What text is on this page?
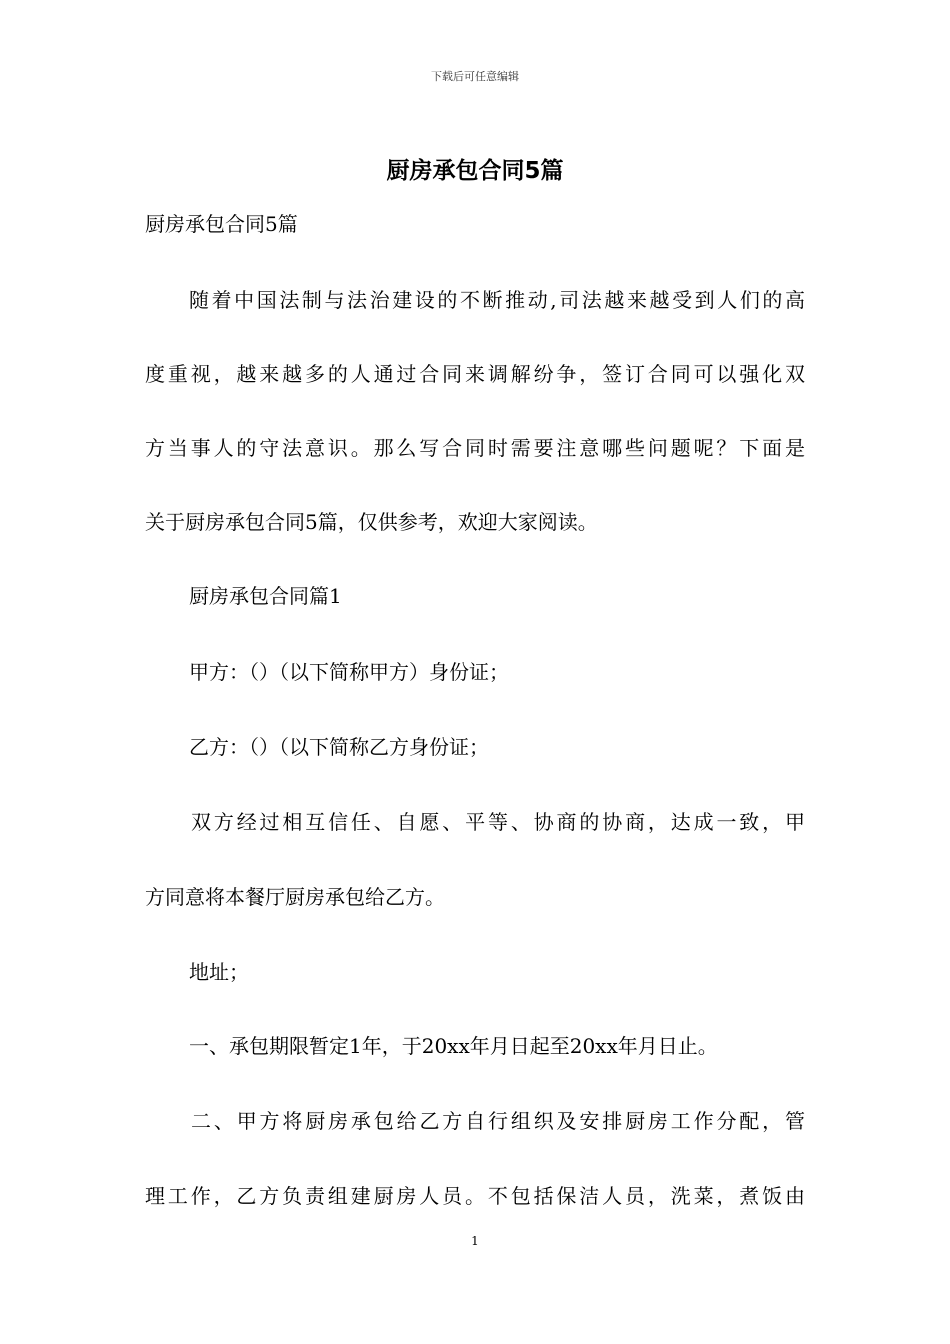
下载后可任意编辑
厨房承包合同5篇
厨房承包合同5篇
随着中国法制与法治建设的不断推动,司法越来越受到人们的高
度重视，越来越多的人通过合同来调解纷争，签订合同可以强化双
方当事人的守法意识。那么写合同时需要注意哪些问题呢？下面是
关于厨房承包合同5篇，仅供参考，欢迎大家阅读。
厨房承包合同篇1
甲方：（）（以下简称甲方）身份证；
乙方：（）（以下简称乙方身份证；
双方经过相互信任、自愿、平等、协商的协商，达成一致，甲
方同意将本餐厅厨房承包给乙方。
地址；
一、承包期限暂定1年，于20xx年月日起至20xx年月日止。
二、甲方将厨房承包给乙方自行组织及安排厨房工作分配，管
理工作，乙方负责组建厨房人员。不包括保洁人员，洗菜，煮饭由
1
